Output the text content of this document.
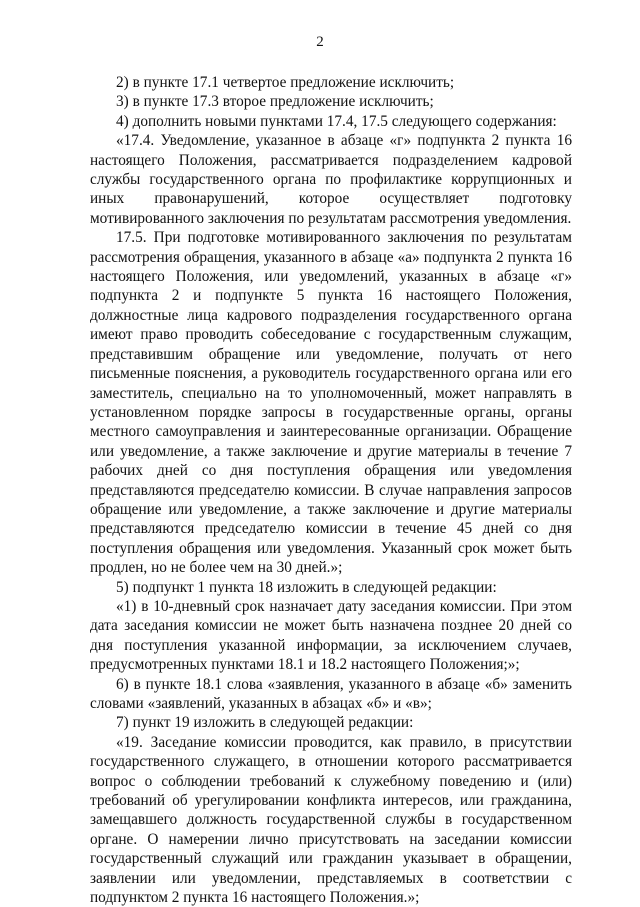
2

2) в пункте 17.1 четвертое предложение исключить;

3) в пункте 17.3 второе предложение исключить;

4) дополнить новыми пунктами 17.4, 17.5 следующего содержания:

«17.4. Уведомление, указанное в абзаце «г» подпункта 2 пункта 16 настоящего Положения, рассматривается подразделением кадровой службы государственного органа по профилактике коррупционных и иных правонарушений, которое осуществляет подготовку мотивированного заключения по результатам рассмотрения уведомления.

17.5. При подготовке мотивированного заключения по результатам рассмотрения обращения, указанного в абзаце «а» подпункта 2 пункта 16 настоящего Положения, или уведомлений, указанных в абзаце «г» подпункта 2 и подпункте 5 пункта 16 настоящего Положения, должностные лица кадрового подразделения государственного органа имеют право проводить собеседование с государственным служащим, представившим обращение или уведомление, получать от него письменные пояснения, а руководитель государственного органа или его заместитель, специально на то уполномоченный, может направлять в установленном порядке запросы в государственные органы, органы местного самоуправления и заинтересованные организации. Обращение или уведомление, а также заключение и другие материалы в течение 7 рабочих дней со дня поступления обращения или уведомления представляются председателю комиссии. В случае направления запросов обращение или уведомление, а также заключение и другие материалы представляются председателю комиссии в течение 45 дней со дня поступления обращения или уведомления. Указанный срок может быть продлен, но не более чем на 30 дней.»;

5) подпункт 1 пункта 18 изложить в следующей редакции:

«1) в 10-дневный срок назначает дату заседания комиссии. При этом дата заседания комиссии не может быть назначена позднее 20 дней со дня поступления указанной информации, за исключением случаев, предусмотренных пунктами 18.1 и 18.2 настоящего Положения;»;

6) в пункте 18.1 слова «заявления, указанного в абзаце «б» заменить словами «заявлений, указанных в абзацах «б» и «в»;

7) пункт 19 изложить в следующей редакции:

«19. Заседание комиссии проводится, как правило, в присутствии государственного служащего, в отношении которого рассматривается вопрос о соблюдении требований к служебному поведению и (или) требований об урегулировании конфликта интересов, или гражданина, замещавшего должность государственной службы в государственном органе. О намерении лично присутствовать на заседании комиссии государственный служащий или гражданин указывает в обращении, заявлении или уведомлении, представляемых в соответствии с подпунктом 2 пункта 16 настоящего Положения.»;
